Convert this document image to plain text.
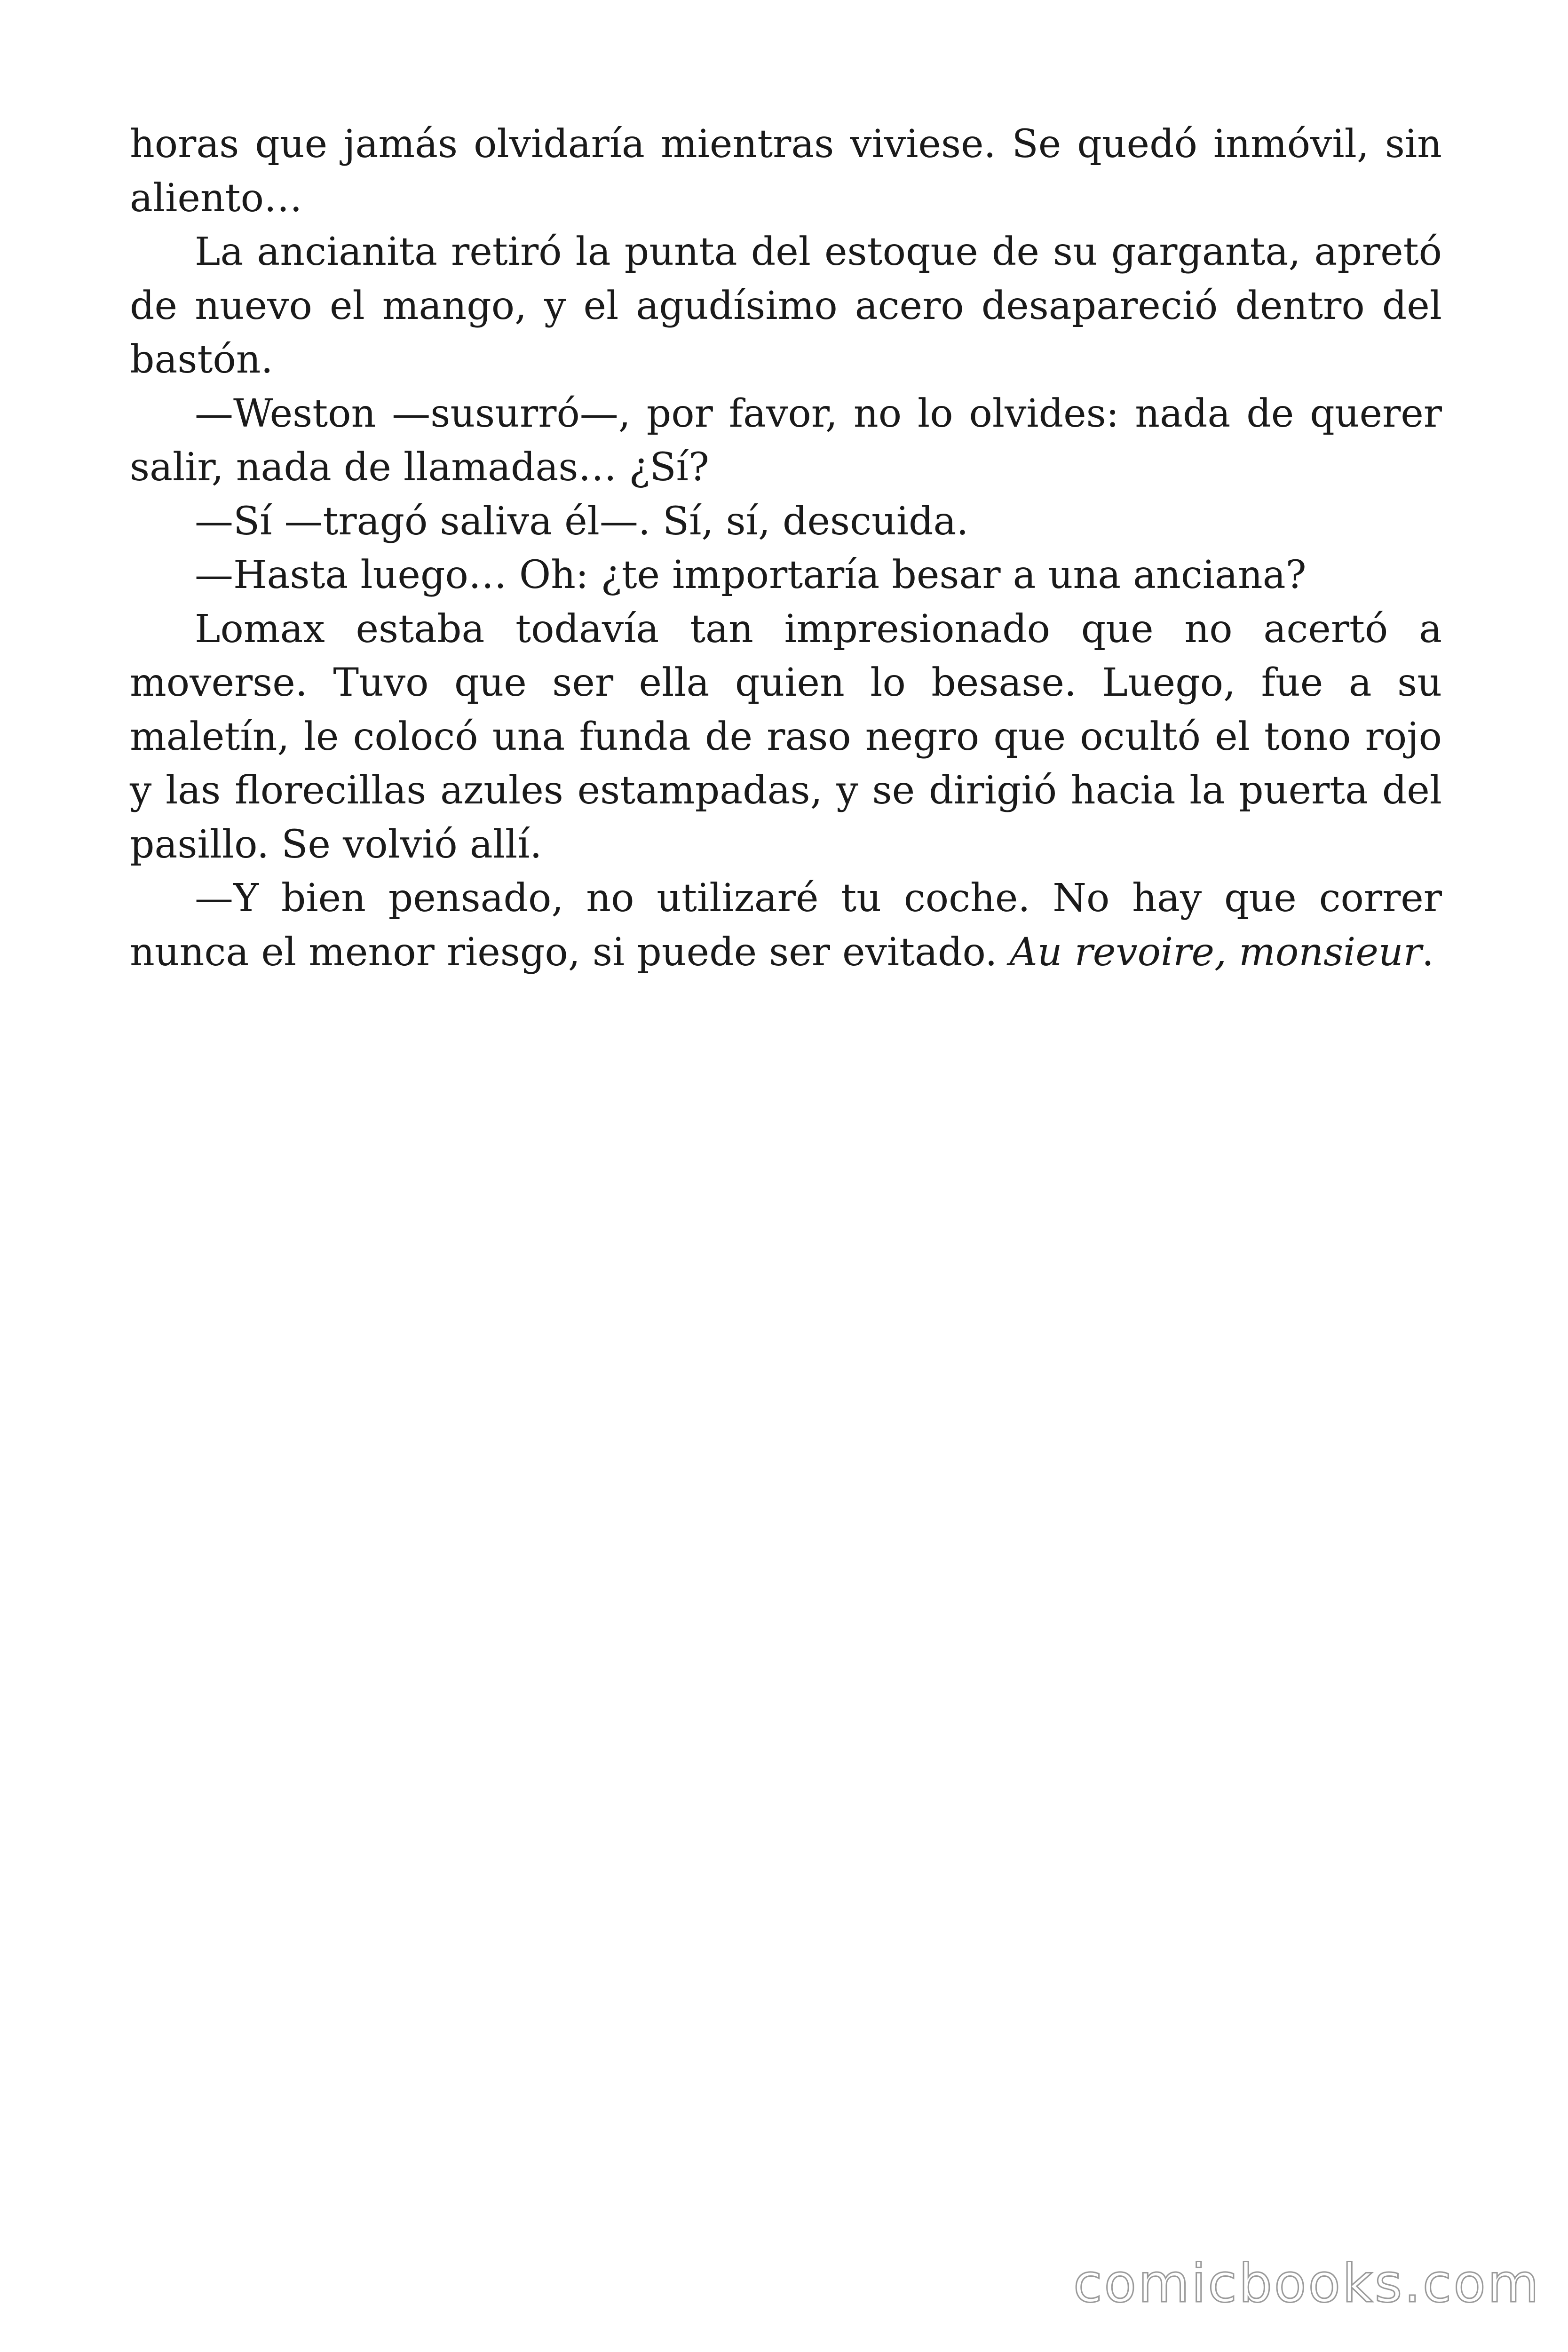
horas que jamás olvidaría mientras viviese. Se quedó inmóvil, sin aliento…

La ancianita retiró la punta del estoque de su garganta, apretó de nuevo el mango, y el agudísimo acero desapareció dentro del bastón.

—Weston —susurró—, por favor, no lo olvides: nada de querer salir, nada de llamadas… ¿Sí?

—Sí —tragó saliva él—. Sí, sí, descuida.

—Hasta luego… Oh: ¿te importaría besar a una anciana?

Lomax estaba todavía tan impresionado que no acertó a moverse. Tuvo que ser ella quien lo besase. Luego, fue a su maletín, le colocó una funda de raso negro que ocultó el tono rojo y las florecillas azules estampadas, y se dirigió hacia la puerta del pasillo. Se volvió allí.

—Y bien pensado, no utilizaré tu coche. No hay que correr nunca el menor riesgo, si puede ser evitado. Au revoire, monsieur.

comicbooks.com
